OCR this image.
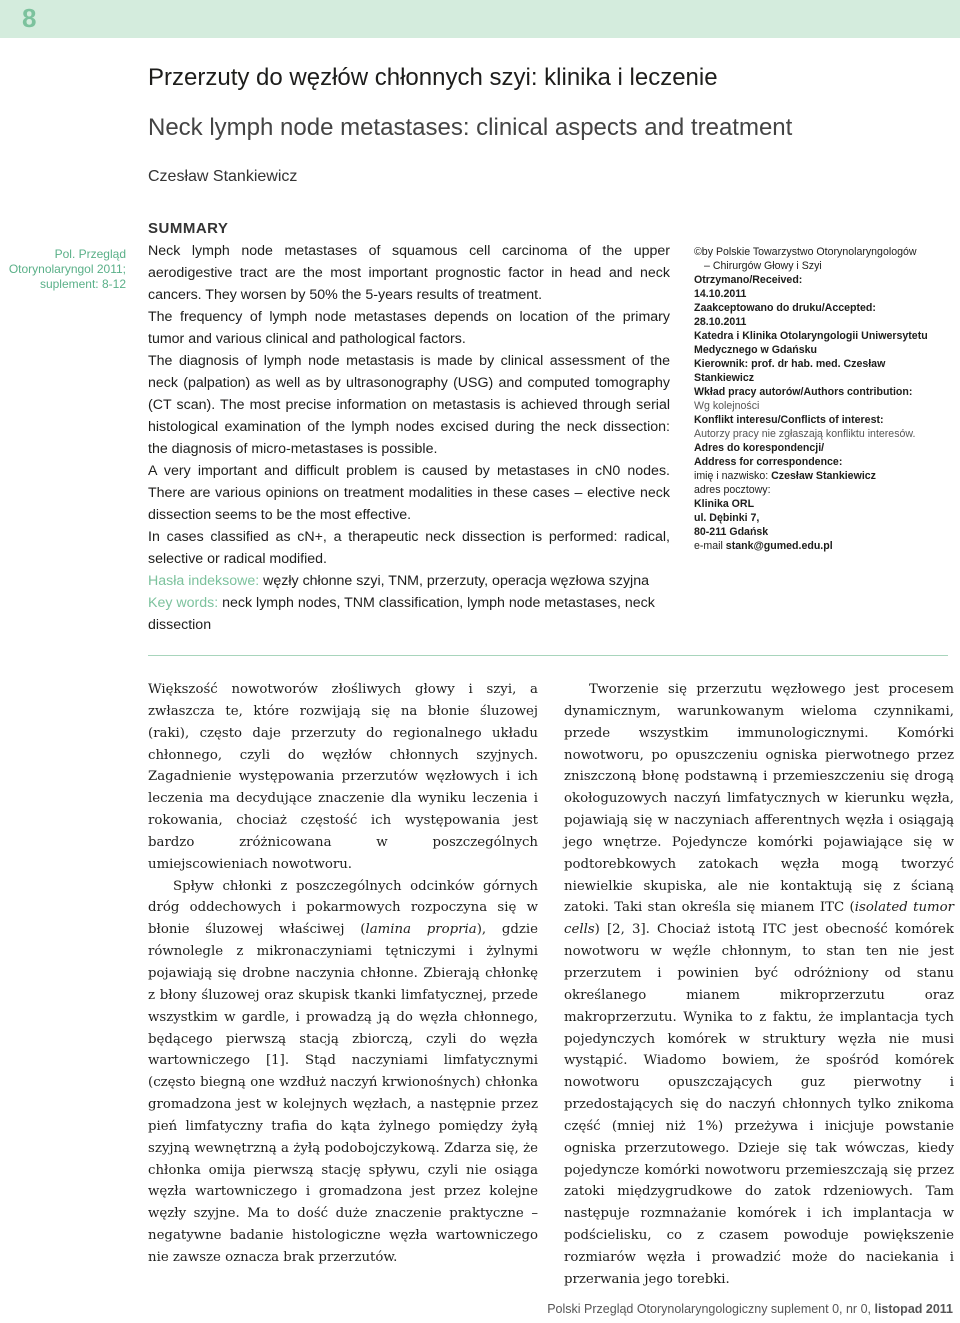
8
Przerzuty do węzłów chłonnych szyi: klinika i leczenie
Neck lymph node metastases: clinical aspects and treatment
Czesław Stankiewicz
Pol. Przegląd
Otorynolaryngol 2011;
suplement: 8-12
SUMMARY

Neck lymph node metastases of squamous cell carcinoma of the upper aerodigestive tract are the most important prognostic factor in head and neck cancers. They worsen by 50% the 5-years results of treatment.

The frequency of lymph node metastases depends on location of the primary tumor and various clinical and pathological factors.

The diagnosis of lymph node metastasis is made by clinical assessment of the neck (palpation) as well as by ultrasonography (USG) and computed tomography (CT scan). The most precise information on metastasis is achieved through serial histological examination of the lymph nodes excised during the neck dissection: the diagnosis of micro-metastases is possible.

A very important and difficult problem is caused by metastases in cN0 nodes. There are various opinions on treatment modalities in these cases – elective neck dissection seems to be the most effective.

In cases classified as cN+, a therapeutic neck dissection is performed: radical, selective or radical modified.

Hasła indeksowe: węzły chłonne szyi, TNM, przerzuty, operacja węzłowa szyjna

Key words: neck lymph nodes, TNM classification, lymph node metastases, neck dissection

©by Polskie Towarzystwo Otorynolaryngologów
– Chirurgów Głowy i Szyi
Otrzymano/Received:
14.10.2011
Zaakceptowano do druku/Accepted:
28.10.2011
Katedra i Klinika Otolaryngologii Uniwersytetu
Medycznego w Gdańsku
Kierownik: prof. dr hab. med. Czesław
Stankiewicz
Wkład pracy autorów/Authors contribution:
Wg kolejności
Konflikt interesu/Conflicts of interest:
Autorzy pracy nie zgłaszają konfliktu interesów.
Adres do korespondencji/
Address for correspondence:
imię i nazwisko: Czesław Stankiewicz
adres pocztowy:
Klinika ORL
ul. Dębinki 7,
80-211 Gdańsk
e-mail stank@gumed.edu.pl

Większość nowotworów złośliwych głowy i szyi, a zwłaszcza te, które rozwijają się na błonie śluzowej (raki), często daje przerzuty do regionalnego układu chłonnego, czyli do węzłów chłonnych szyjnych. Zagadnienie występowania przerzutów węzłowych i ich leczenia ma decydujące znaczenie dla wyniku leczenia i rokowania, chociaż częstość ich występowania jest bardzo zróżnicowana w poszczególnych umiejscowieniach nowotworu.

Spływ chłonki z poszczególnych odcinków górnych dróg oddechowych i pokarmowych rozpoczyna się w błonie śluzowej właściwej (lamina propria), gdzie równolegle z mikronaczyniami tętniczymi i żylnymi pojawiają się drobne naczynia chłonne. Zbierają chłonkę z błony śluzowej oraz skupisk tkanki limfatycznej, przede wszystkim w gardle, i prowadzą ją do węzła chłonnego, będącego pierwszą stacją zbiorczą, czyli do węzła wartowniczego [1]. Stąd naczyniami limfatycznymi (często biegną one wzdłuż naczyń krwionośnych) chłonka gromadzona jest w kolejnych węzłach, a następnie przez pień limfatyczny trafia do kąta żylnego pomiędzy żyłą szyjną wewnętrzną a żyłą podobojczykową. Zdarza się, że chłonka omija pierwszą stację spływu, czyli nie osiąga węzła wartowniczego i gromadzona jest przez kolejne węzły szyjne. Ma to dość duże znaczenie praktyczne – negatywne badanie histologiczne węzła wartowniczego nie zawsze oznacza brak przerzutów.

Tworzenie się przerzutu węzłowego jest procesem dynamicznym, warunkowanym wieloma czynnikami, przede wszystkim immunologicznymi. Komórki nowotworu, po opuszczeniu ogniska pierwotnego przez zniszczoną błonę podstawną i przemieszczeniu się drogą okołoguzowych naczyń limfatycznych w kierunku węzła, pojawiają się w naczyniach afferentnych węzła i osiągają jego wnętrze. Pojedyncze komórki pojawiające się w podtorebkowych zatokach węzła mogą tworzyć niewielkie skupiska, ale nie kontaktują się z ścianą zatoki. Taki stan określa się mianem ITC (isolated tumor cells) [2, 3]. Chociaż istotą ITC jest obecność komórek nowotworu w węźle chłonnym, to stan ten nie jest przerzutem i powinien być odróżniony od stanu określanego mianem mikroprzerzutu oraz makroprzerzutu. Wynika to z faktu, że implantacja tych pojedynczych komórek w struktury węzła nie musi wystąpić. Wiadomo bowiem, że spośród komórek nowotworu opuszczających guz pierwotny i przedostających się do naczyń chłonnych tylko znikoma część (mniej niż 1%) przeżywa i inicjuje powstanie ogniska przerzutowego. Dzieje się tak wówczas, kiedy pojedyncze komórki nowotworu przemieszczają się przez zatoki międzygrudkowe do zatok rdzeniowych. Tam następuje rozmnażanie komórek i ich implantacja w podścielisku, co z czasem powoduje powiększenie rozmiarów węzła i prowadzić może do naciekania i przerwania jego torebki.

Polski Przegląd Otorynolaryngologiczny suplement 0, nr 0, listopad 2011
